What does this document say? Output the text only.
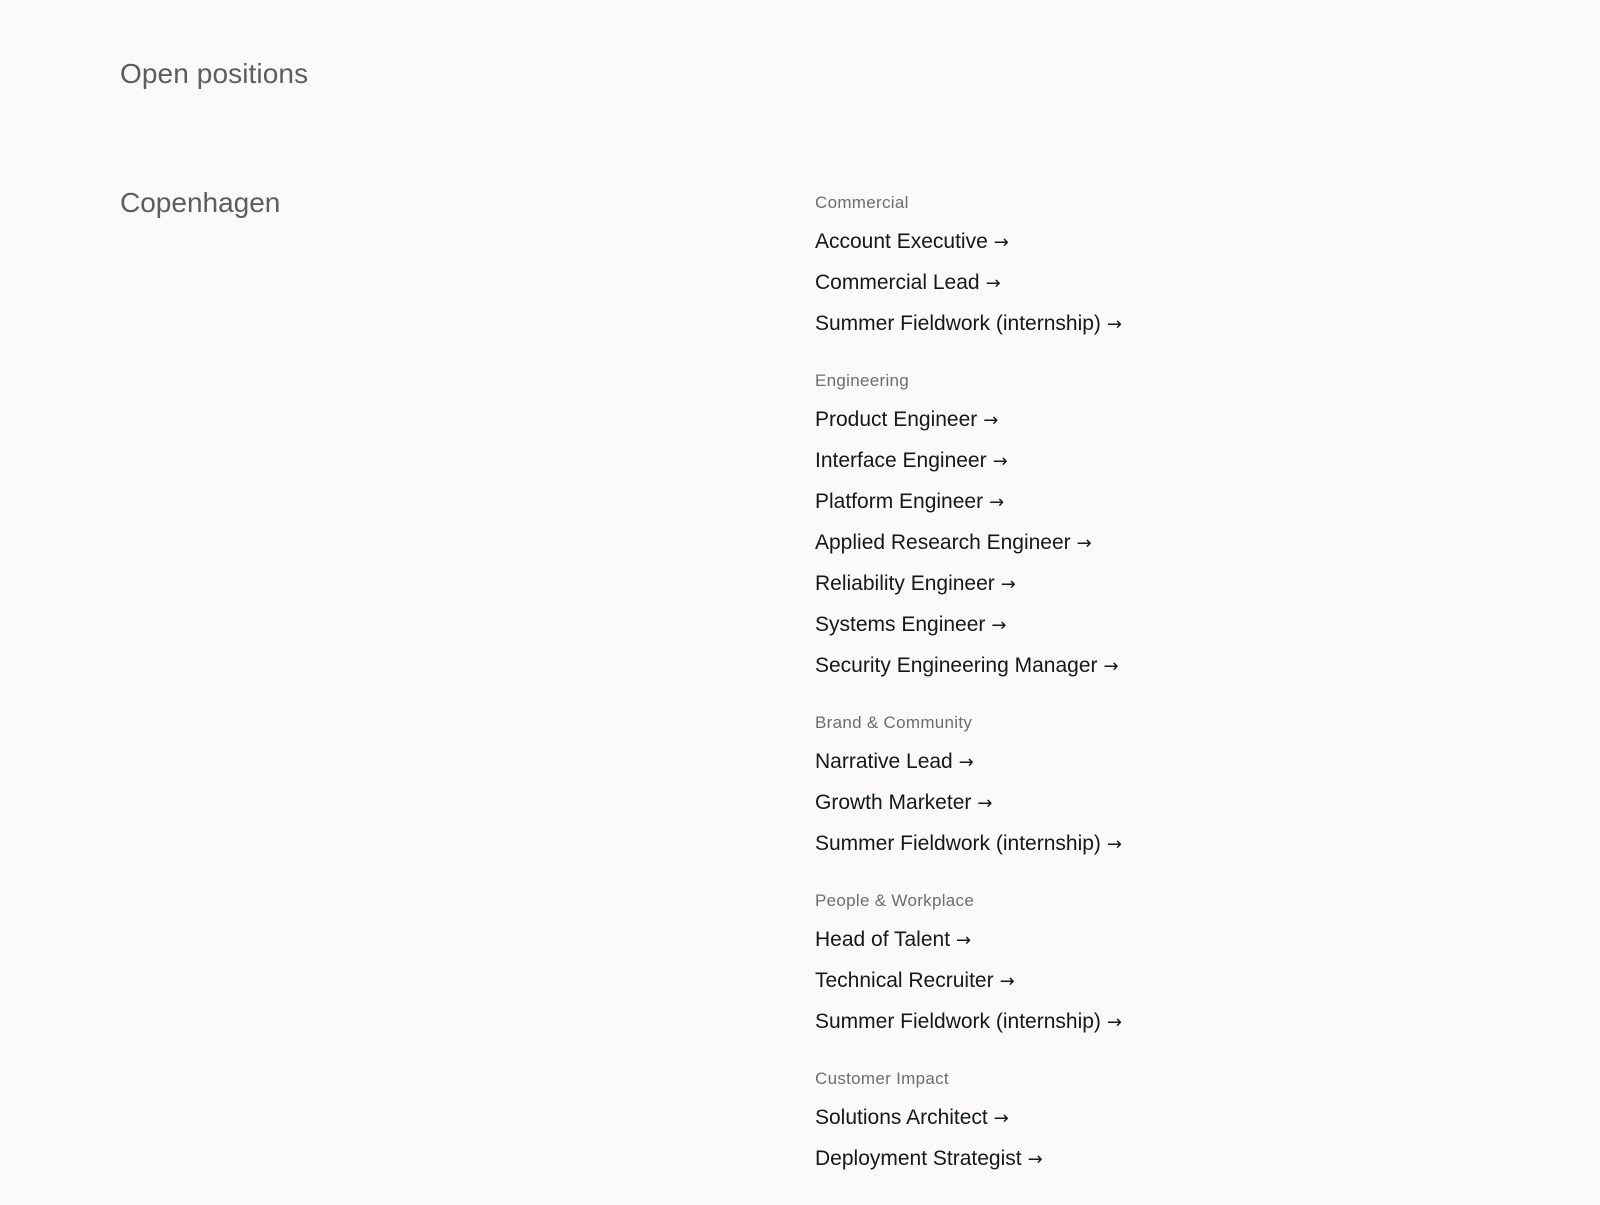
Open positions
Copenhagen	Commercial
Account Executive →
Commercial Lead →
Summer Fieldwork (internship) →
Engineering
Product Engineer →
Interface Engineer →
Platform Engineer →
Applied Research Engineer →
Reliability Engineer →
Systems Engineer →
Security Engineering Manager →
Brand & Community
Narrative Lead →
Growth Marketer →
Summer Fieldwork (internship) →
People & Workplace
Head of Talent →
Technical Recruiter →
Summer Fieldwork (internship) →
Customer Impact
Solutions Architect →
Deployment Strategist →
